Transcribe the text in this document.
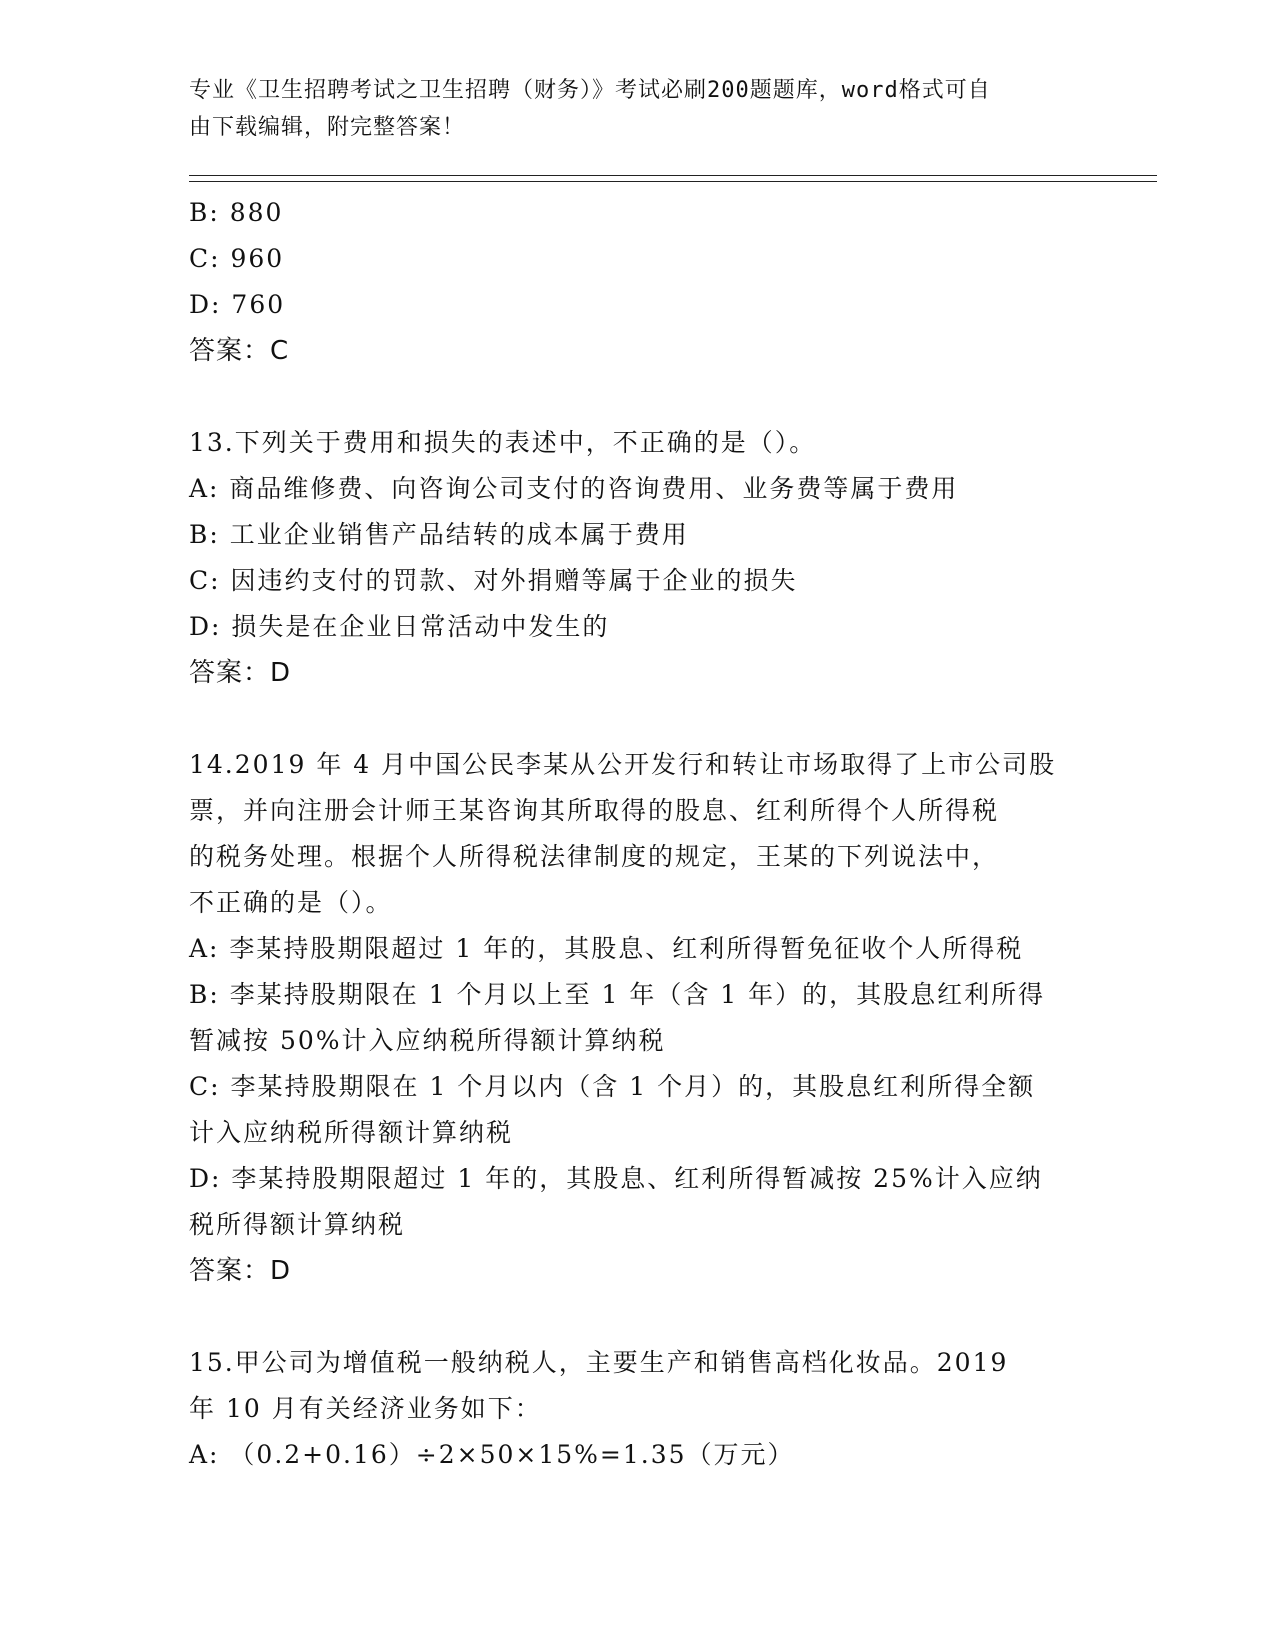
专业《卫生招聘考试之卫生招聘（财务）》考试必刷200题题库，word格式可自
由下载编辑，附完整答案！
B: 880
C: 960
D: 760
答案：C
13.下列关于费用和损失的表述中，不正确的是（）。
A: 商品维修费、向咨询公司支付的咨询费用、业务费等属于费用
B: 工业企业销售产品结转的成本属于费用
C: 因违约支付的罚款、对外捐赠等属于企业的损失
D: 损失是在企业日常活动中发生的
答案：D
14.2019 年 4 月中国公民李某从公开发行和转让市场取得了上市公司股
票，并向注册会计师王某咨询其所取得的股息、红利所得个人所得税
的税务处理。根据个人所得税法律制度的规定，王某的下列说法中，
不正确的是（）。
A: 李某持股期限超过 1 年的，其股息、红利所得暂免征收个人所得税
B: 李某持股期限在 1 个月以上至 1 年（含 1 年）的，其股息红利所得
暂减按 50%计入应纳税所得额计算纳税
C: 李某持股期限在 1 个月以内（含 1 个月）的，其股息红利所得全额
计入应纳税所得额计算纳税
D: 李某持股期限超过 1 年的，其股息、红利所得暂减按 25%计入应纳
税所得额计算纳税
答案：D
15.甲公司为增值税一般纳税人，主要生产和销售高档化妆品。2019
年 10 月有关经济业务如下：
A: （0.2+0.16）÷2×50×15%=1.35（万元）
